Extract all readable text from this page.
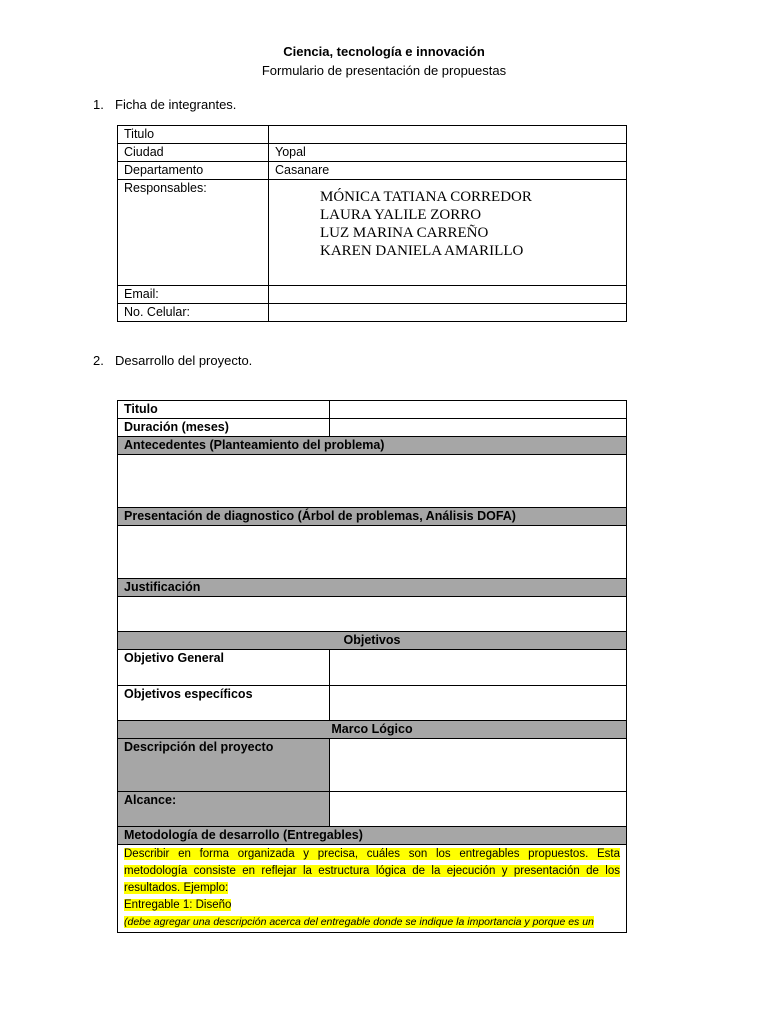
Ciencia, tecnología e innovación
Formulario de presentación de propuestas
1. Ficha de integrantes.
Titulo	
Ciudad	Yopal
Departamento	Casanare
Responsables:	MÓNICA TATIANA CORREDOR
LAURA YALILE ZORRO
LUZ MARINA CARREÑO
KAREN DANIELA AMARILLO

Email:	
No. Celular:	
2. Desarrollo del proyecto.
Titulo	
Duración (meses)	
Antecedentes (Planteamiento del problema)	

Presentación de diagnostico (Árbol de problemas, Análisis DOFA)	

Justificación	

Objetivos	
Objetivo General	
Objetivos específicos	
Marco Lógico	
Descripción del proyecto	
Alcance:	
Metodología de desarrollo (Entregables)	
Describir en forma organizada y precisa, cuáles son los entregables propuestos. Esta metodología consiste en reflejar la estructura lógica de la ejecución y presentación de los resultados. Ejemplo:
Entregable 1: Diseño
(debe agregar una descripción acerca del entregable donde se indique la importancia y porque es un	
